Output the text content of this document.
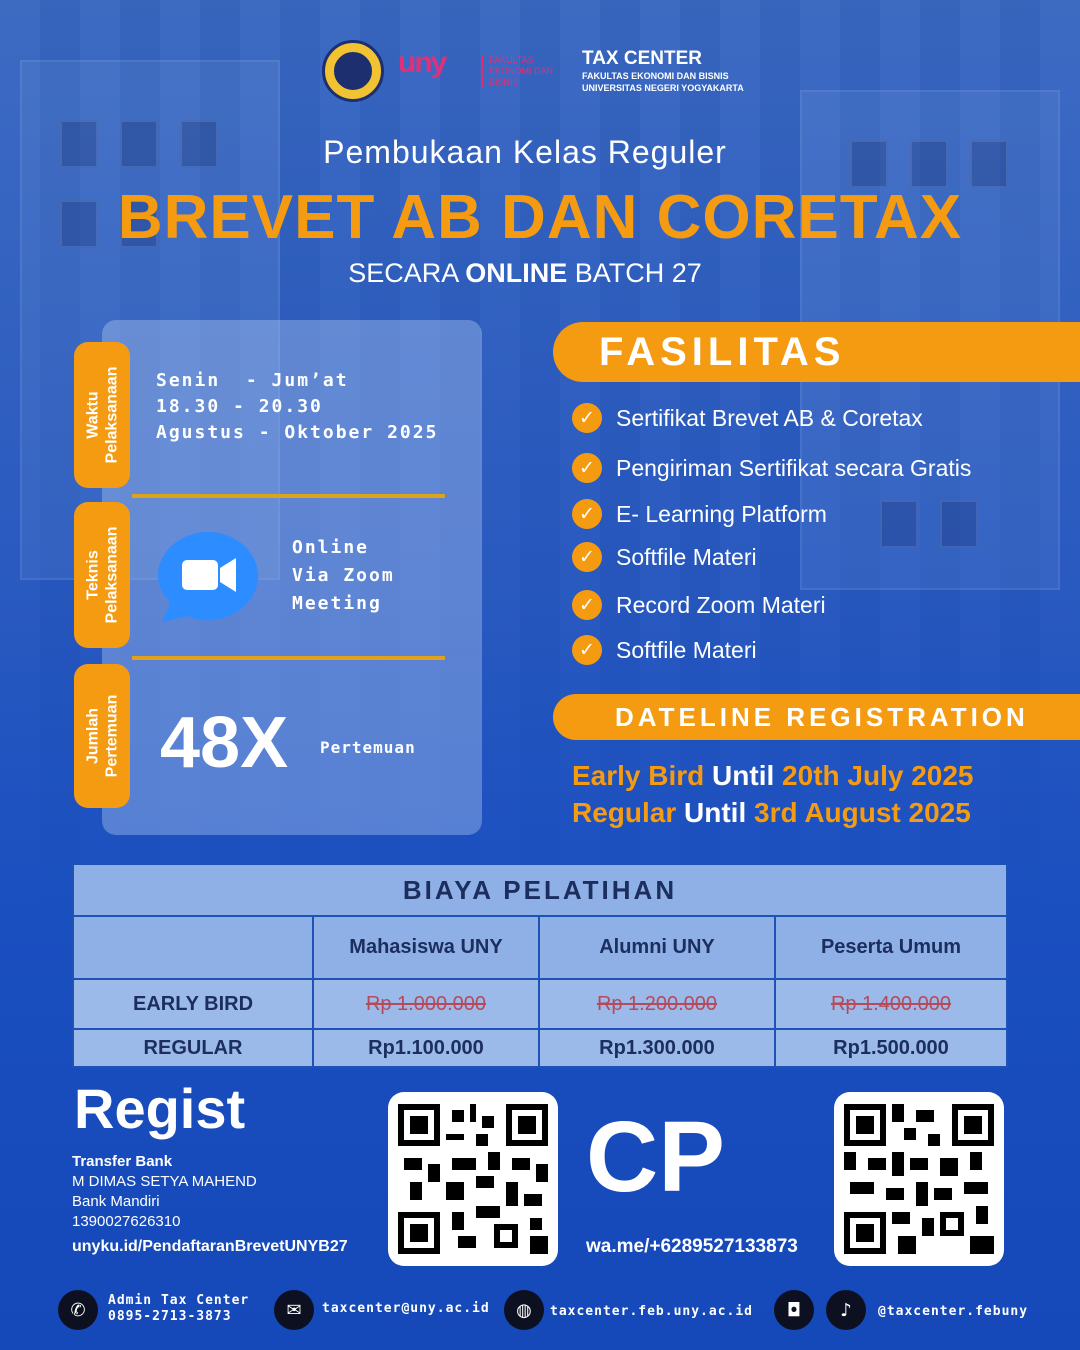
uny	FAKULTAS EKONOMI DAN BISNIS
TAX CENTER
FAKULTAS EKONOMI DAN BISNIS
UNIVERSITAS NEGERI YOGYAKARTA
Pembukaan Kelas Reguler
BREVET AB DAN CORETAX
SECARA ONLINE BATCH 27
Waktu
Pelaksanaan Senin  - Jum’at
18.30 - 20.30
Agustus - Oktober 2025
Teknis
Pelaksanaan	Online
Via Zoom
Meeting
Jumlah
Pertemuan 48X Pertemuan
FASILITAS
✓ Sertifikat Brevet AB & Coretax
✓ Pengiriman Sertifikat secara Gratis
✓ E- Learning Platform
✓ Softfile Materi
✓ Record Zoom Materi
✓ Softfile Materi
DATELINE REGISTRATION
Early Bird Until 20th July 2025
Regular Until 3rd August 2025
BIAYA PELATIHAN			
	Mahasiswa UNY	Alumni UNY	Peserta Umum
EARLY BIRD	Rp 1.000.000	Rp 1.200.000	Rp 1.400.000
REGULAR	Rp1.100.000	Rp1.300.000	Rp1.500.000
Regist
Transfer Bank
M DIMAS SETYA MAHEND
Bank Mandiri
1390027626310
unyku.id/PendaftaranBrevetUNYB27
CP
wa.me/+6289527133873
✆	Admin Tax Center
0895-2713-3873	✉	taxcenter@uny.ac.id	◍	taxcenter.feb.uny.ac.id	◘	♪	@taxcenter.febuny
